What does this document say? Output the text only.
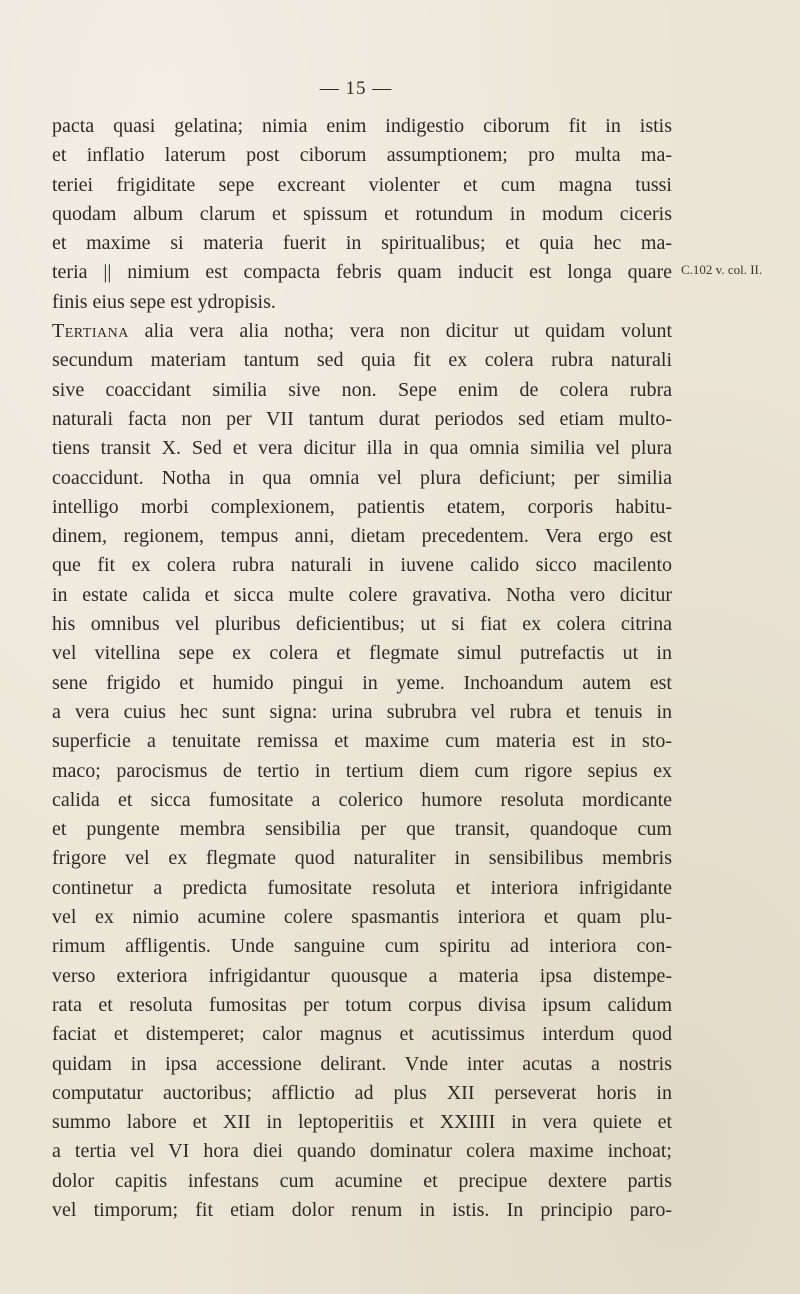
— 15 —
C.102 v. col. II.
pacta quasi gelatina; nimia enim indigestio ciborum fit in istis
et inflatio laterum post ciborum assumptionem; pro multa ma-
teriei frigiditate sepe excreant violenter et cum magna tussi
quodam album clarum et spissum et rotundum in modum ciceris
et maxime si materia fuerit in spiritualibus; et quia hec ma-
teria || nimium est compacta febris quam inducit est longa quare
finis eius sepe est ydropisis.
Tertiana alia vera alia notha; vera non dicitur ut quidam volunt
secundum materiam tantum sed quia fit ex colera rubra naturali
sive coaccidant similia sive non. Sepe enim de colera rubra
naturali facta non per VII tantum durat periodos sed etiam multo-
tiens transit X. Sed et vera dicitur illa in qua omnia similia vel plura
coaccidunt. Notha in qua omnia vel plura deficiunt; per similia
intelligo morbi complexionem, patientis etatem, corporis habitu-
dinem, regionem, tempus anni, dietam precedentem. Vera ergo est
que fit ex colera rubra naturali in iuvene calido sicco macilento
in estate calida et sicca multe colere gravativa. Notha vero dicitur
his omnibus vel pluribus deficientibus; ut si fiat ex colera citrina
vel vitellina sepe ex colera et flegmate simul putrefactis ut in
sene frigido et humido pingui in yeme. Inchoandum autem est
a vera cuius hec sunt signa: urina subrubra vel rubra et tenuis in
superficie a tenuitate remissa et maxime cum materia est in sto-
maco; parocismus de tertio in tertium diem cum rigore sepius ex
calida et sicca fumositate a colerico humore resoluta mordicante
et pungente membra sensibilia per que transit, quandoque cum
frigore vel ex flegmate quod naturaliter in sensibilibus membris
continetur a predicta fumositate resoluta et interiora infrigidante
vel ex nimio acumine colere spasmantis interiora et quam plu-
rimum affligentis. Unde sanguine cum spiritu ad interiora con-
verso exteriora infrigidantur quousque a materia ipsa distempe-
rata et resoluta fumositas per totum corpus divisa ipsum calidum
faciat et distemperet; calor magnus et acutissimus interdum quod
quidam in ipsa accessione delirant. Vnde inter acutas a nostris
computatur auctoribus; afflictio ad plus XII perseverat horis in
summo labore et XII in leptoperitiis et XXIIII in vera quiete et
a tertia vel VI hora diei quando dominatur colera maxime inchoat;
dolor capitis infestans cum acumine et precipue dextere partis
vel timporum; fit etiam dolor renum in istis. In principio paro-
